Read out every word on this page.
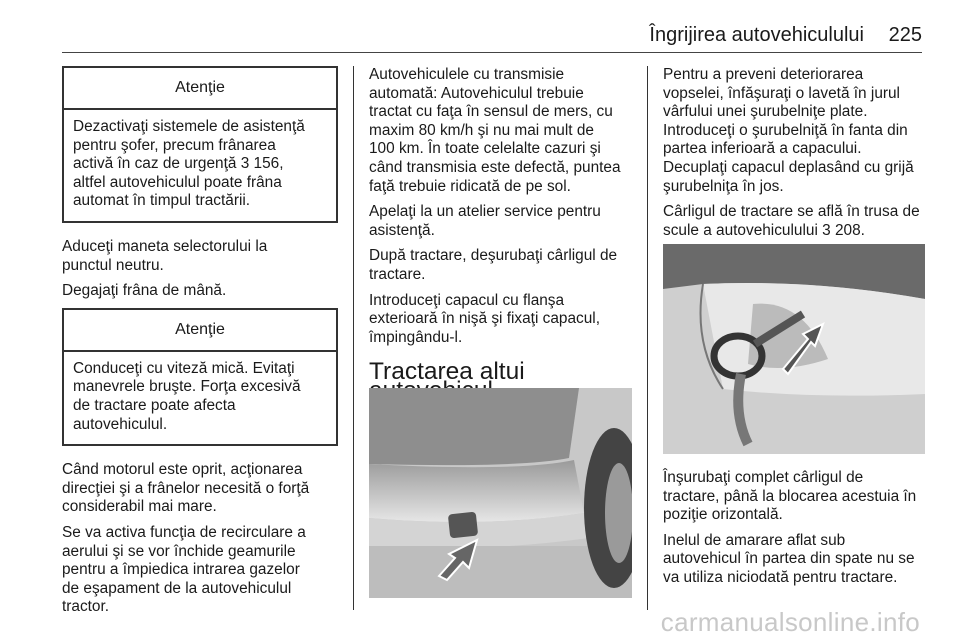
Îngrijirea autovehiculului 225
Atenţie
Dezactivaţi sistemele de asistenţă
pentru şofer, precum frânarea
activă în caz de urgenţă 3 156,
altfel autovehiculul poate frâna
automat în timpul tractării.

Aduceţi maneta selectorului la
punctul neutru.

Degajaţi frâna de mână.

Atenţie
Conduceţi cu viteză mică. Evitaţi
manevrele bruşte. Forţa excesivă
de tractare poate afecta
autovehiculul.

Când motorul este oprit, acţionarea
direcţiei şi a frânelor necesită o forţă
considerabil mai mare.

Se va activa funcţia de recirculare a
aerului şi se vor închide geamurile
pentru a împiedica intrarea gazelor
de eşapament de la autovehiculul
tractor.

Autovehiculele cu transmisie
automată: Autovehiculul trebuie
tractat cu faţa în sensul de mers, cu
maxim 80 km/h şi nu mai mult de
100 km. În toate celelalte cazuri şi
când transmisia este defectă, puntea
faţă trebuie ridicată de pe sol.

Apelaţi la un atelier service pentru
asistenţă.

După tractare, deşurubaţi cârligul de
tractare.

Introduceţi capacul cu flanşa
exterioară în nişă şi fixaţi capacul,
împingându-l.

Tractarea altui

Pentru a preveni deteriorarea
vopselei, înfăşuraţi o lavetă în jurul
vârfului unei şurubelniţe plate.
Introduceţi o şurubelniţă în fanta din
partea inferioară a capacului.
Decuplaţi capacul deplasând cu grijă
şurubelniţa în jos.

Cârligul de tractare se află în trusa de
scule a autovehiculului 3 208.

Înşurubaţi complet cârligul de
tractare, până la blocarea acestuia în
poziţie orizontală.

Inelul de amarare aflat sub
autovehicul în partea din spate nu se
va utiliza niciodată pentru tractare.

carmanualsonline.info
